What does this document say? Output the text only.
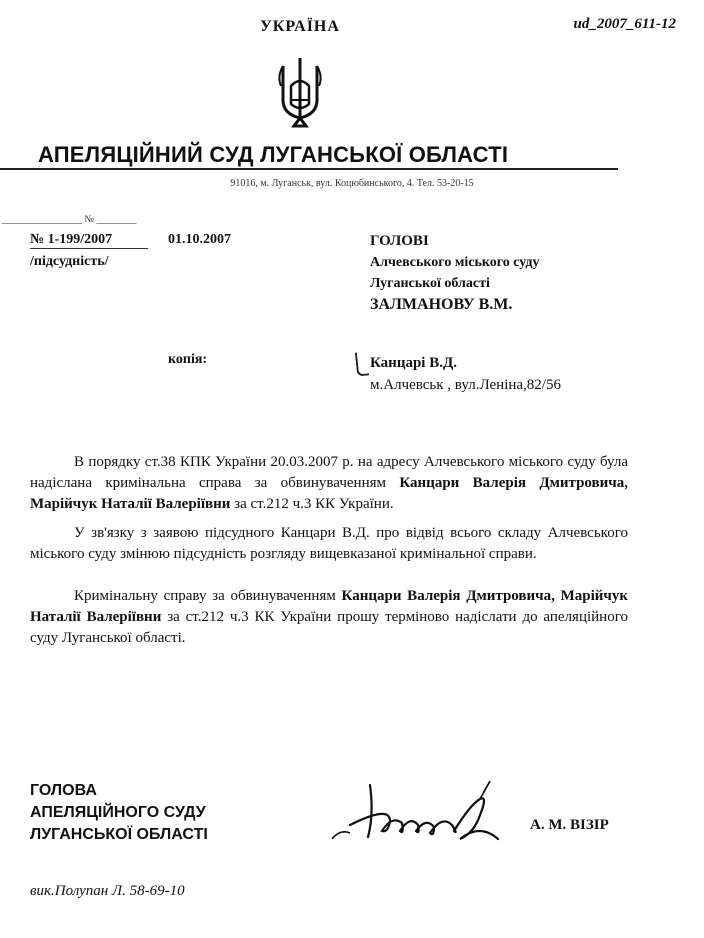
ud_2007_611-12
УКРАЇНА
АПЕЛЯЦІЙНИЙ СУД ЛУГАНСЬКОЇ ОБЛАСТІ
91016, м. Луганськ, вул. Коцюбинського, 4. Тел. 53-20-15
________________ № ________
№ 1-199/2007	01.10.2007
/підсудність/
ГОЛОВІ
Алчевського міського суду
Луганської області
ЗАЛМАНОВУ В.М.
копія:	Канцарі В.Д.
м.Алчевськ , вул.Леніна,82/56

В порядку ст.38 КПК України 20.03.2007 р. на адресу Алчевського міського суду була надіслана кримінальна справа за обвинуваченням Канцари Валерія Дмитровича, Марійчук Наталії Валеріївни за ст.212 ч.3 КК України.

У зв'язку з заявою підсудного Канцари В.Д. про відвід всього складу Алчевського міського суду змінюю підсудність розгляду вищевказаної кримінальної справи.

Кримінальну справу за обвинуваченням Канцари Валерія Дмитровича, Марійчук Наталії Валеріївни за ст.212 ч.3 КК України прошу терміново надіслати до апеляційного суду Луганської області.

ГОЛОВА
АПЕЛЯЦІЙНОГО СУДУ
ЛУГАНСЬКОЇ ОБЛАСТІ
А. М. ВІЗІР
вик.Полупан Л. 58-69-10
